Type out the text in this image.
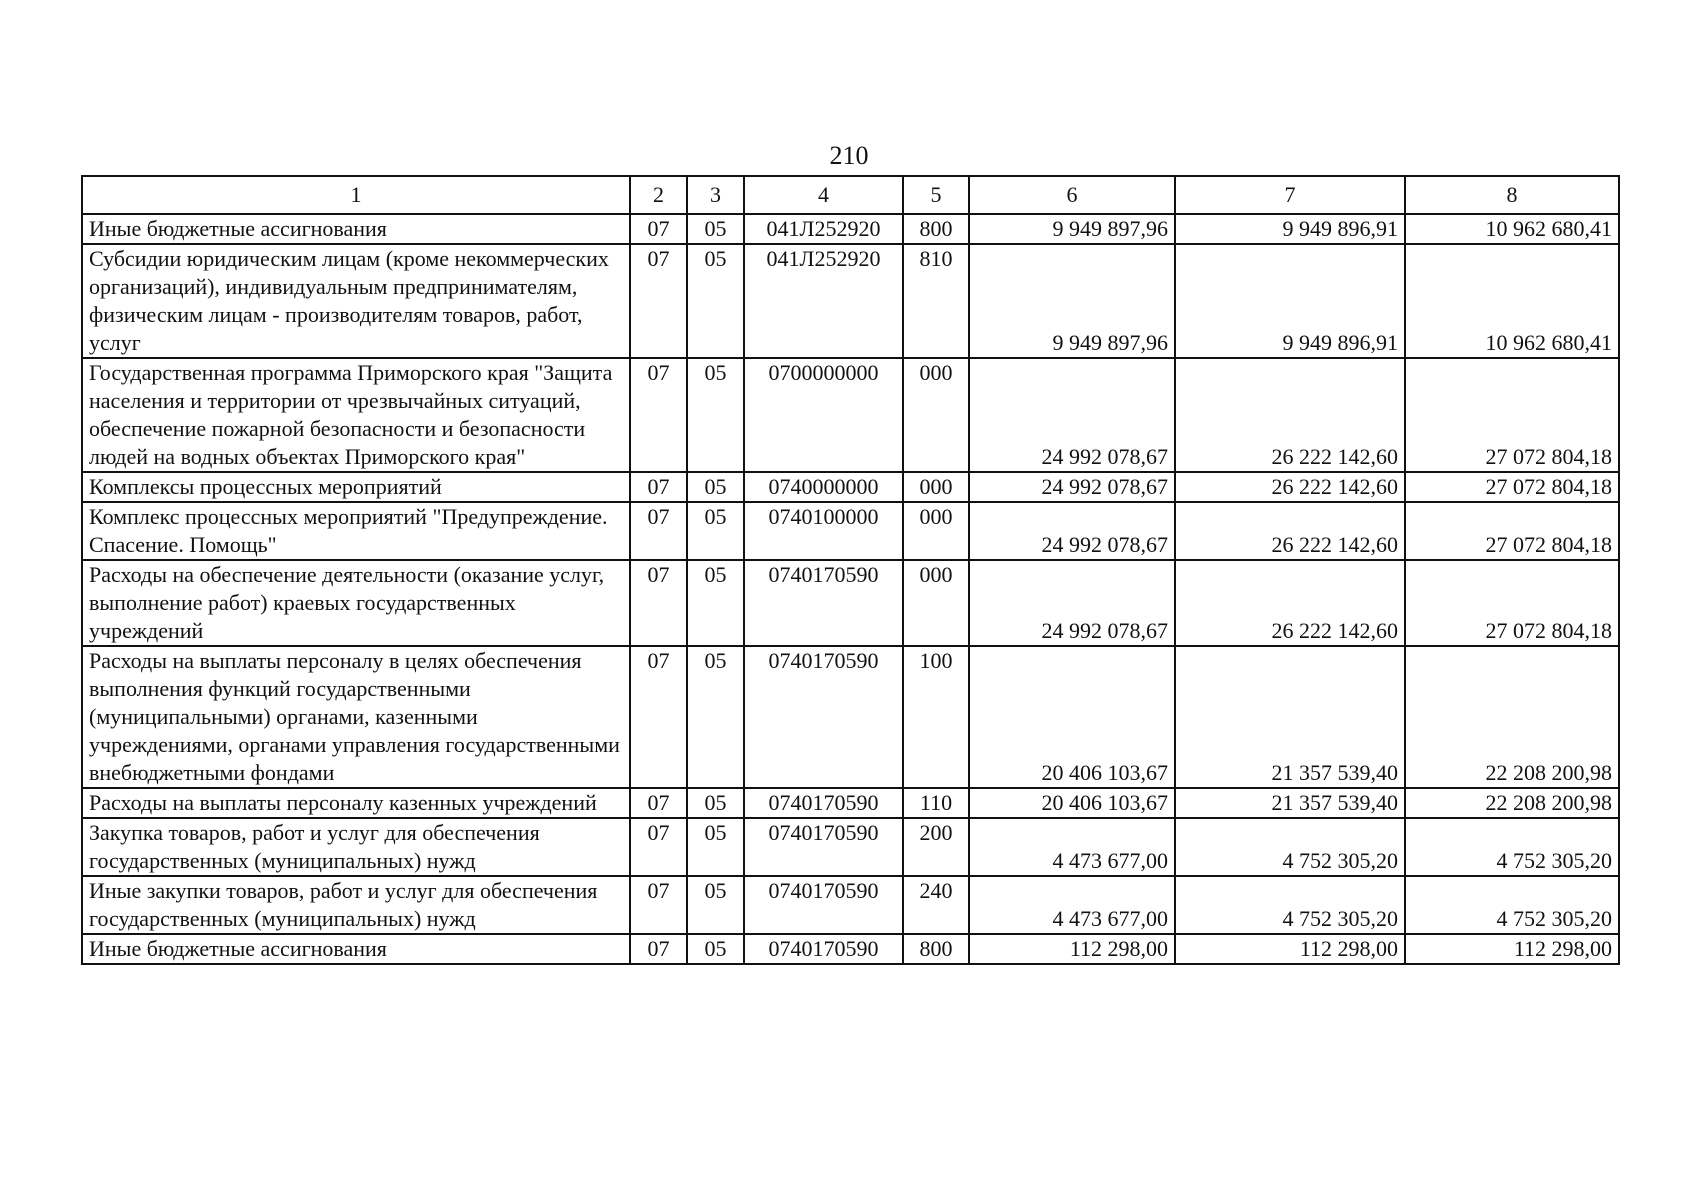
210
1	2	3	4	5	6	7	8
Иные бюджетные ассигнования	07	05	041Л252920	800	9 949 897,96	9 949 896,91	10 962 680,41
Субсидии юридическим лицам (кроме некоммерческих организаций), индивидуальным предпринимателям, физическим лицам - производителям товаров, работ, услуг	07	05	041Л252920	810	9 949 897,96	9 949 896,91	10 962 680,41
Государственная программа Приморского края "Защита населения и территории от чрезвычайных ситуаций, обеспечение пожарной безопасности и безопасности людей на водных объектах Приморского края"	07	05	0700000000	000	24 992 078,67	26 222 142,60	27 072 804,18
Комплексы процессных мероприятий	07	05	0740000000	000	24 992 078,67	26 222 142,60	27 072 804,18
Комплекс процессных мероприятий "Предупреждение. Спасение. Помощь"	07	05	0740100000	000	24 992 078,67	26 222 142,60	27 072 804,18
Расходы на обеспечение деятельности (оказание услуг, выполнение работ) краевых государственных учреждений	07	05	0740170590	000	24 992 078,67	26 222 142,60	27 072 804,18
Расходы на выплаты персоналу в целях обеспечения выполнения функций государственными (муниципальными) органами, казенными учреждениями, органами управления государственными внебюджетными фондами	07	05	0740170590	100	20 406 103,67	21 357 539,40	22 208 200,98
Расходы на выплаты персоналу казенных учреждений	07	05	0740170590	110	20 406 103,67	21 357 539,40	22 208 200,98
Закупка товаров, работ и услуг для обеспечения государственных (муниципальных) нужд	07	05	0740170590	200	4 473 677,00	4 752 305,20	4 752 305,20
Иные закупки товаров, работ и услуг для обеспечения государственных (муниципальных) нужд	07	05	0740170590	240	4 473 677,00	4 752 305,20	4 752 305,20
Иные бюджетные ассигнования	07	05	0740170590	800	112 298,00	112 298,00	112 298,00
